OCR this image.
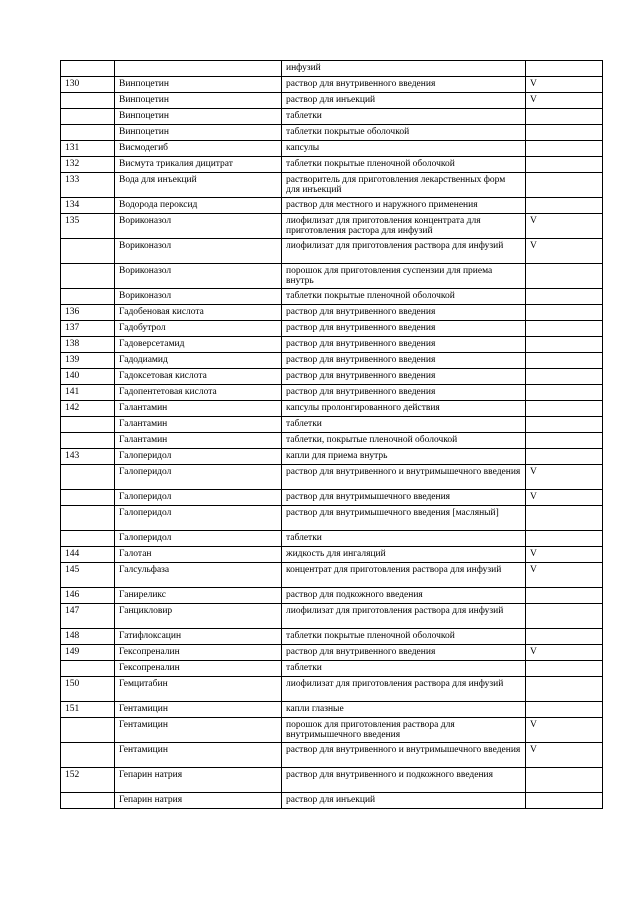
		инфузий	
130	Винпоцетин	раствор для внутривенного введения	V
	Винпоцетин	раствор для инъекций	V
	Винпоцетин	таблетки	
	Винпоцетин	таблетки покрытые оболочкой	
131	Висмодегиб	капсулы	
132	Висмута трикалия дицитрат	таблетки покрытые пленочной оболочкой	
133	Вода для инъекций	растворитель для приготовления лекарственных форм для инъекций	
134	Водорода пероксид	раствор для местного и наружного применения	
135	Вориконазол	лиофилизат для приготовления концентрата для приготовления растора для инфузий	V
	Вориконазол	лиофилизат для приготовления раствора для инфузий	V
	Вориконазол	порошок для приготовления суспензии для приема внутрь	
	Вориконазол	таблетки покрытые пленочной оболочкой	
136	Гадобеновая кислота	раствор для внутривенного введения	
137	Гадобутрол	раствор для внутривенного введения	
138	Гадоверсетамид	раствор для внутривенного введения	
139	Гадодиамид	раствор для внутривенного введения	
140	Гадоксетовая кислота	раствор для внутривенного введения	
141	Гадопентетовая кислота	раствор для внутривенного введения	
142	Галантамин	капсулы пролонгированного действия	
	Галантамин	таблетки	
	Галантамин	таблетки, покрытые пленочной оболочкой	
143	Галоперидол	капли для приема внутрь	
	Галоперидол	раствор для внутривенного и внутримышечного введения	V
	Галоперидол	раствор для внутримышечного введения	V
	Галоперидол	раствор для внутримышечного введения [масляный]	
	Галоперидол	таблетки	
144	Галотан	жидкость для ингаляций	V
145	Галсульфаза	концентрат для приготовления раствора для инфузий	V
146	Ганиреликс	раствор для подкожного введения	
147	Ганцикловир	лиофилизат для приготовления раствора для инфузий	
148	Гатифлоксацин	таблетки покрытые пленочной оболочкой	
149	Гексопреналин	раствор для внутривенного введения	V
	Гексопреналин	таблетки	
150	Гемцитабин	лиофилизат для приготовления раствора для инфузий	
151	Гентамицин	капли глазные	
	Гентамицин	порошок для приготовления раствора для внутримышечного введения	V
	Гентамицин	раствор для внутривенного и внутримышечного введения	V
152	Гепарин натрия	раствор для внутривенного и подкожного введения	
	Гепарин натрия	раствор для инъекций	
